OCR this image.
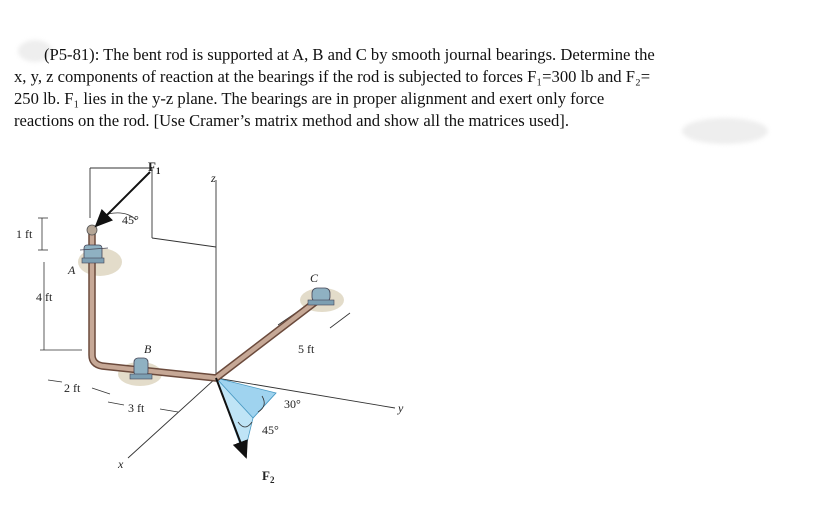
(P5-81): The bent rod is supported at A, B and C by smooth journal bearings. Determine the

x, y, z components of reaction at the bearings if the rod is subjected to forces F₁=300 lb and F₂=

250 lb. F₁ lies in the y-z plane. The bearings are in proper alignment and exert only force

reactions on the rod. [Use Cramer’s matrix method and show all the matrices used].

z
y
x
$F_1$
$F_2$
A
B
C
1 ft
4 ft
2 ft
3 ft
5 ft
45°
30°
45°
